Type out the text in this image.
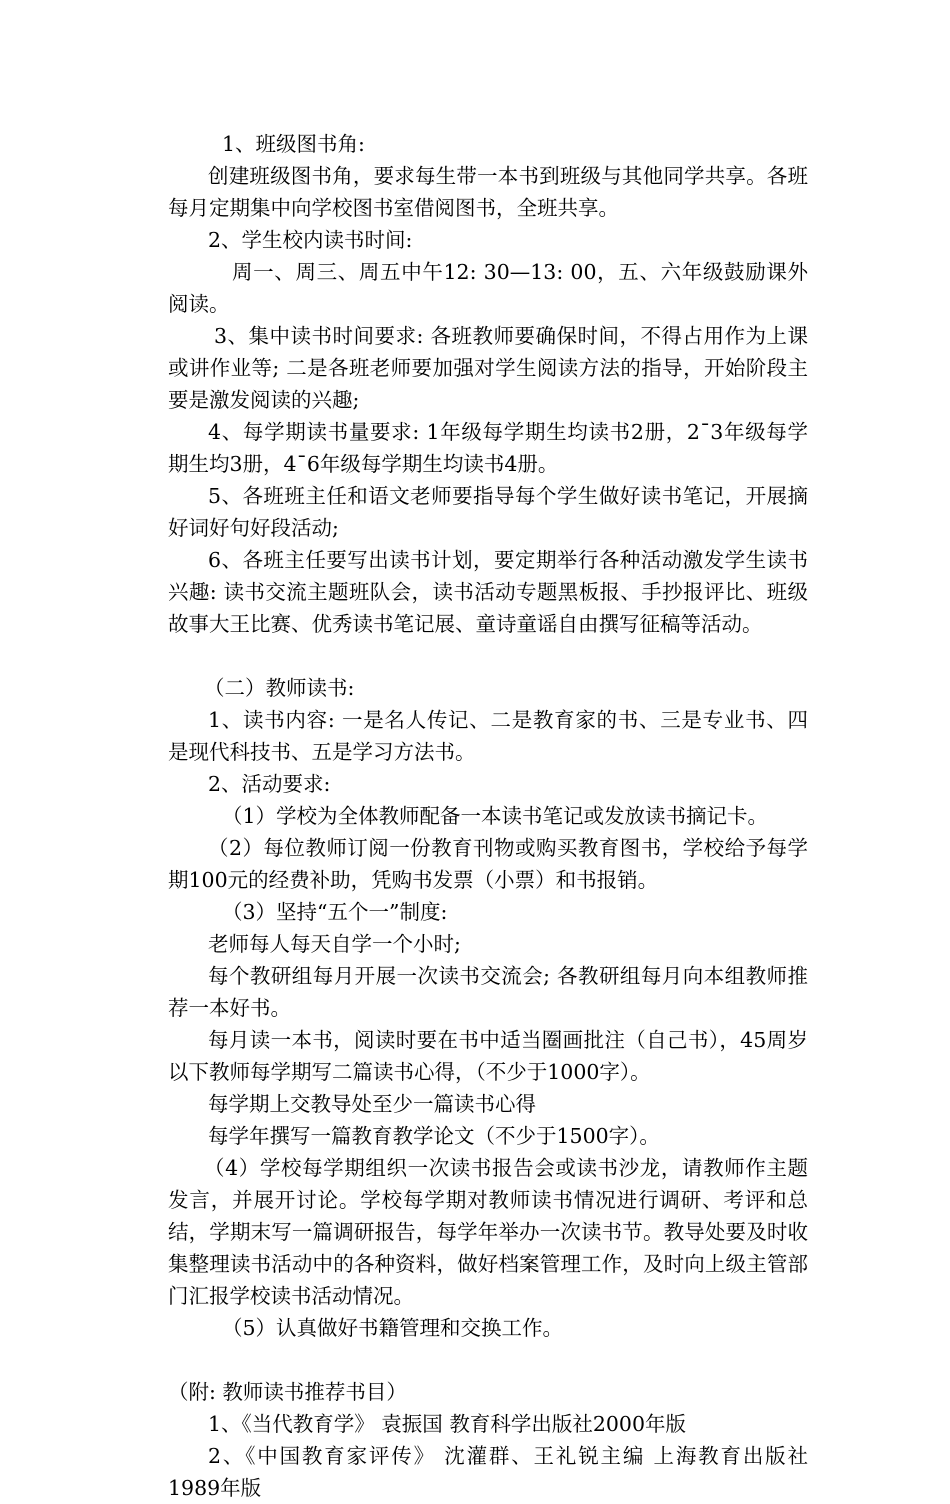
1、班级图书角:

创建班级图书角，要求每生带一本书到班级与其他同学共享。各班每月定期集中向学校图书室借阅图书，全班共享。

2、学生校内读书时间:

周一、周三、周五中午12: 30—13: 00，五、六年级鼓励课外阅读。

3、集中读书时间要求: 各班教师要确保时间，不得占用作为上课或讲作业等; 二是各班老师要加强对学生阅读方法的指导，开始阶段主要是激发阅读的兴趣;

4、每学期读书量要求: 1年级每学期生均读书2册，2¯3年级每学期生均3册，4¯6年级每学期生均读书4册。

5、各班班主任和语文老师要指导每个学生做好读书笔记，开展摘好词好句好段活动;

6、各班主任要写出读书计划，要定期举行各种活动激发学生读书兴趣: 读书交流主题班队会，读书活动专题黑板报、手抄报评比、班级故事大王比赛、优秀读书笔记展、童诗童谣自由撰写征稿等活动。

（二）教师读书:

1、读书内容: 一是名人传记、二是教育家的书、三是专业书、四是现代科技书、五是学习方法书。

2、活动要求:

（1）学校为全体教师配备一本读书笔记或发放读书摘记卡。

（2）每位教师订阅一份教育刊物或购买教育图书，学校给予每学期100元的经费补助，凭购书发票（小票）和书报销。

（3）坚持“五个一”制度:

老师每人每天自学一个小时;

每个教研组每月开展一次读书交流会; 各教研组每月向本组教师推荐一本好书。

每月读一本书，阅读时要在书中适当圈画批注（自己书），45周岁以下教师每学期写二篇读书心得，（不少于1000字）。

每学期上交教导处至少一篇读书心得

每学年撰写一篇教育教学论文（不少于1500字）。

（4）学校每学期组织一次读书报告会或读书沙龙，请教师作主题发言，并展开讨论。学校每学期对教师读书情况进行调研、考评和总结，学期末写一篇调研报告，每学年举办一次读书节。教导处要及时收集整理读书活动中的各种资料，做好档案管理工作，及时向上级主管部门汇报学校读书活动情况。

（5）认真做好书籍管理和交换工作。

（附: 教师读书推荐书目）

1、《当代教育学》 袁振国 教育科学出版社2000年版

2、《中国教育家评传》 沈灌群、王礼锐主编 上海教育出版社1989年版
